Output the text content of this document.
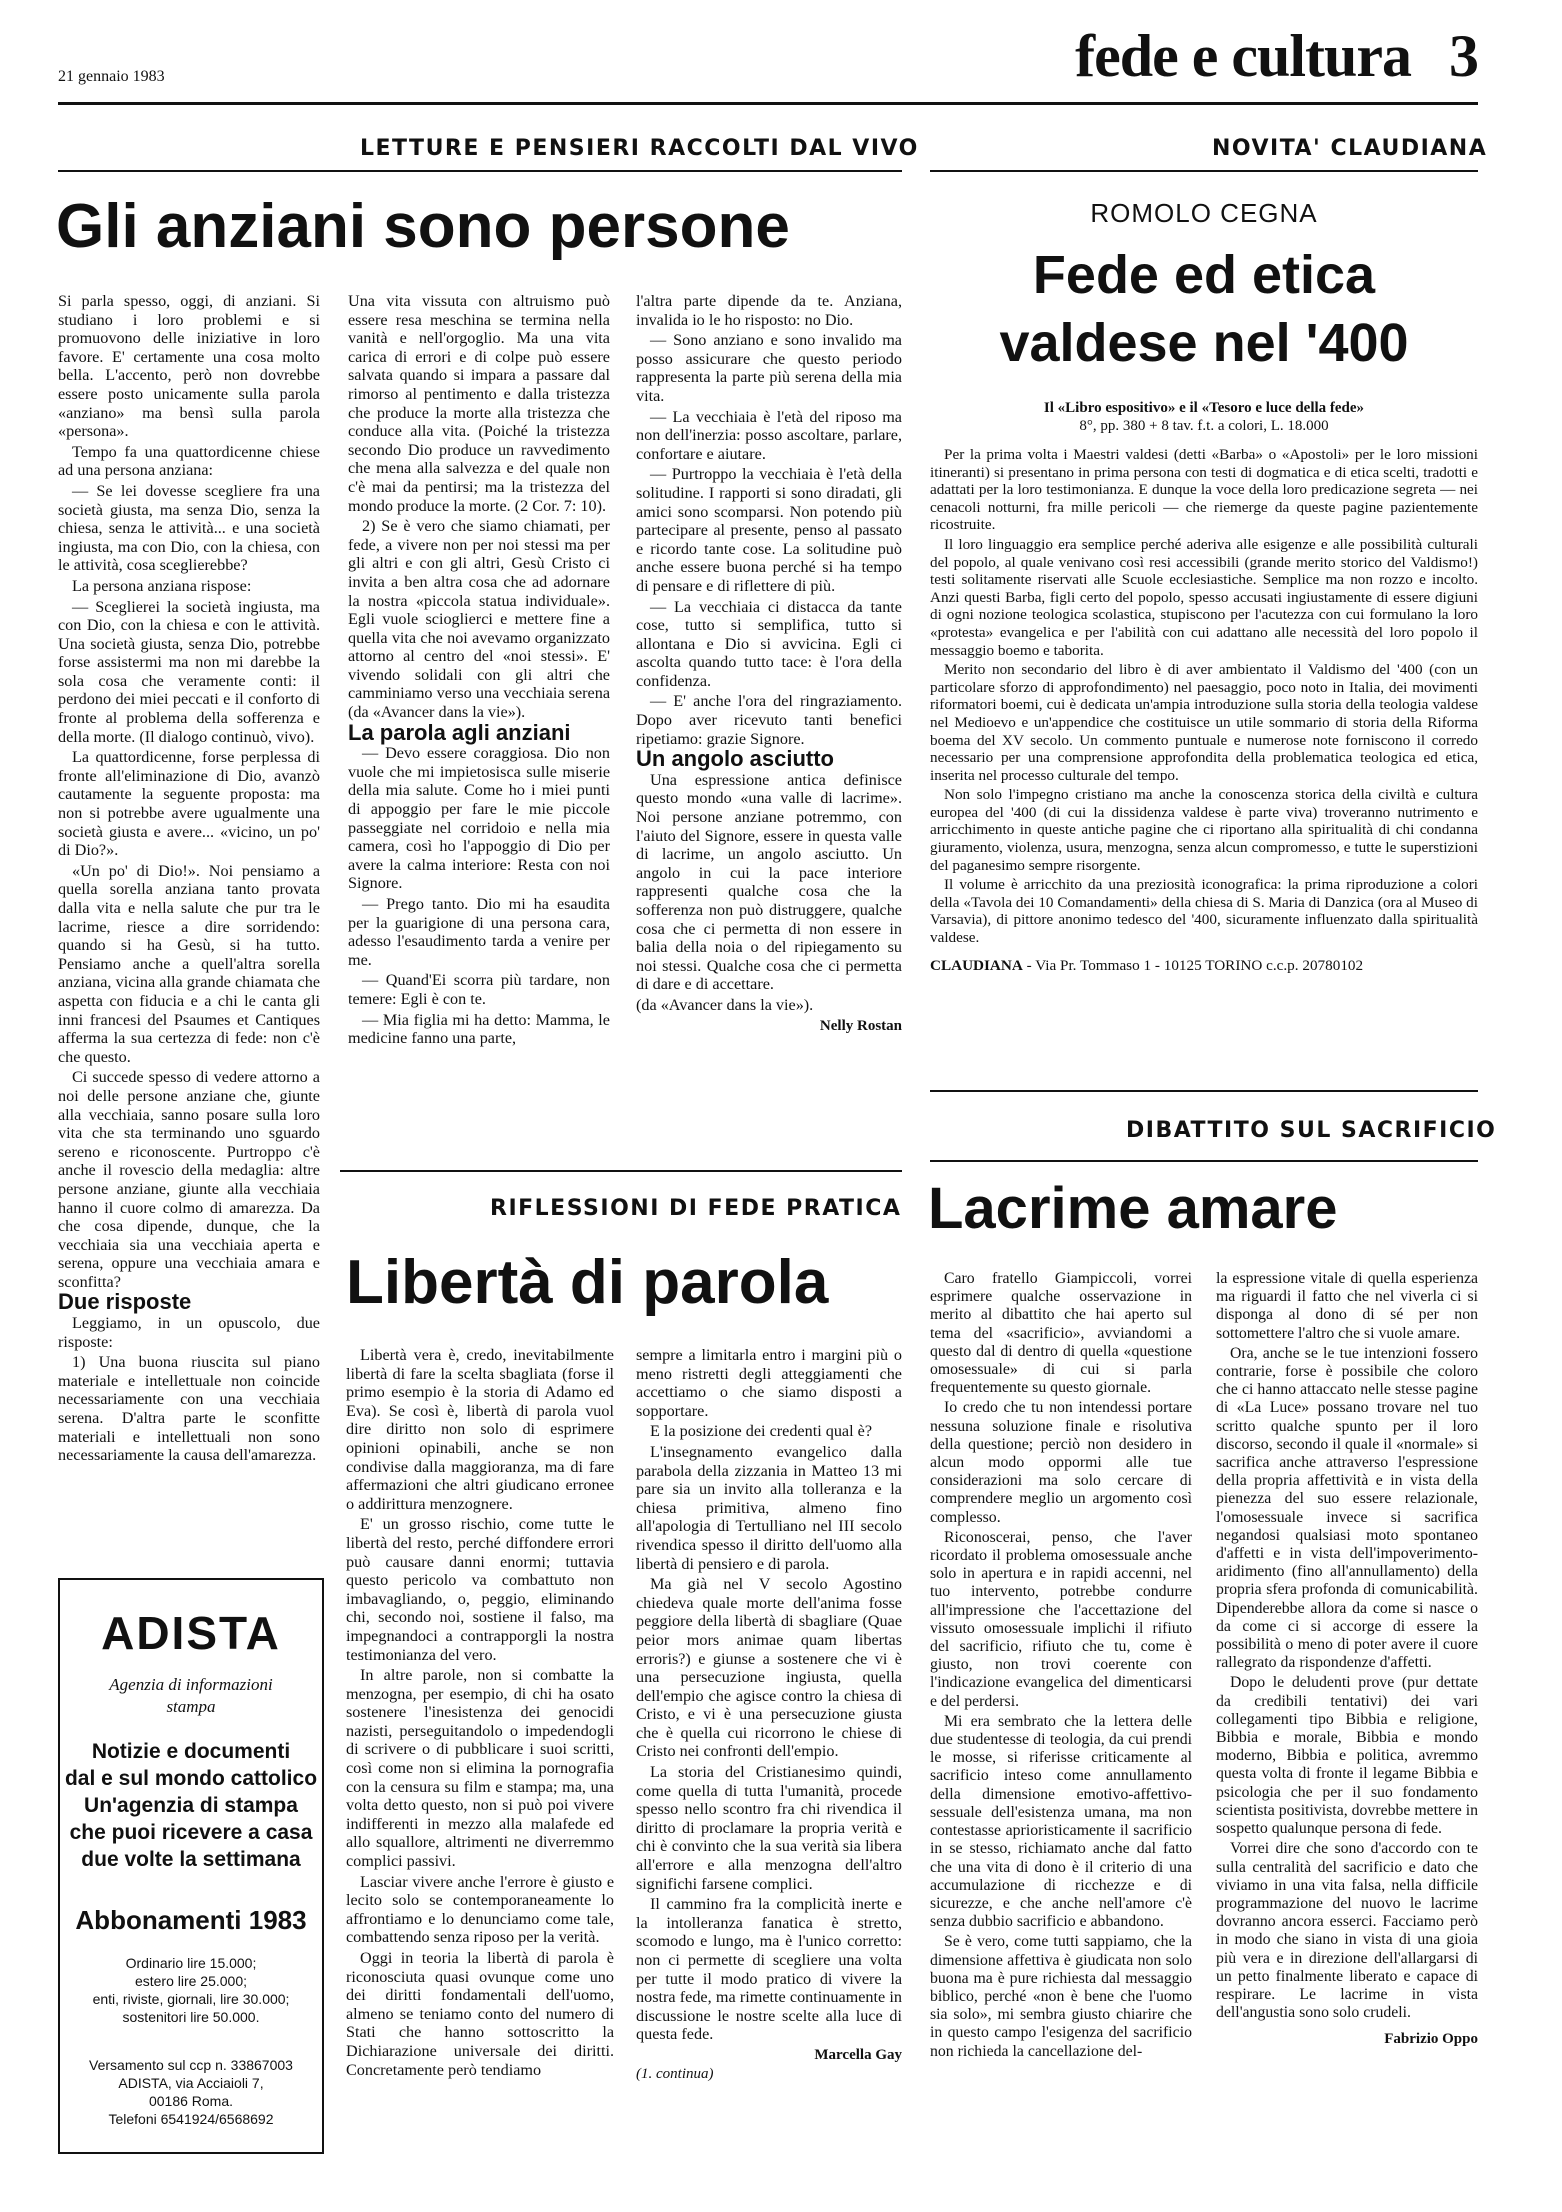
21 gennaio 1983	fede e cultura 3
LETTURE E PENSIERI RACCOLTI DAL VIVO
Gli anziani sono persone

Si parla spesso, oggi, di anziani. Si studiano i loro problemi e si promuovono delle iniziative in loro favore. E' certamente una cosa molto bella. L'accento, però non dovrebbe essere posto unicamente sulla parola «anziano» ma bensì sulla parola «persona».

Tempo fa una quattordicenne chiese ad una persona anziana:

— Se lei dovesse scegliere fra una società giusta, ma senza Dio, senza la chiesa, senza le attività... e una società ingiusta, ma con Dio, con la chiesa, con le attività, cosa sceglierebbe?

La persona anziana rispose:

— Sceglierei la società ingiusta, ma con Dio, con la chiesa e con le attività. Una società giusta, senza Dio, potrebbe forse assistermi ma non mi darebbe la sola cosa che veramente conti: il perdono dei miei peccati e il conforto di fronte al problema della sofferenza e della morte. (Il dialogo continuò, vivo).

La quattordicenne, forse perplessa di fronte all'eliminazione di Dio, avanzò cautamente la seguente proposta: ma non si potrebbe avere ugualmente una società giusta e avere... «vicino, un po' di Dio?».

«Un po' di Dio!». Noi pensiamo a quella sorella anziana tanto provata dalla vita e nella salute che pur tra le lacrime, riesce a dire sorridendo: quando si ha Gesù, si ha tutto. Pensiamo anche a quell'altra sorella anziana, vicina alla grande chiamata che aspetta con fiducia e a chi le canta gli inni francesi del Psaumes et Cantiques afferma la sua certezza di fede: non c'è che questo.

Ci succede spesso di vedere attorno a noi delle persone anziane che, giunte alla vecchiaia, sanno posare sulla loro vita che sta terminando uno sguardo sereno e riconoscente. Purtroppo c'è anche il rovescio della medaglia: altre persone anziane, giunte alla vecchiaia hanno il cuore colmo di amarezza. Da che cosa dipende, dunque, che la vecchiaia sia una vecchiaia aperta e serena, oppure una vecchiaia amara e sconfitta?

Due risposte

Leggiamo, in un opuscolo, due risposte:

1) Una buona riuscita sul piano materiale e intellettuale non coincide necessariamente con una vecchiaia serena. D'altra parte le sconfitte materiali e intellettuali non sono necessariamente la causa dell'amarezza.

Una vita vissuta con altruismo può essere resa meschina se termina nella vanità e nell'orgoglio. Ma una vita carica di errori e di colpe può essere salvata quando si impara a passare dal rimorso al pentimento e dalla tristezza che produce la morte alla tristezza che conduce alla vita. (Poiché la tristezza secondo Dio produce un ravvedimento che mena alla salvezza e del quale non c'è mai da pentirsi; ma la tristezza del mondo produce la morte. (2 Cor. 7: 10).

2) Se è vero che siamo chiamati, per fede, a vivere non per noi stessi ma per gli altri e con gli altri, Gesù Cristo ci invita a ben altra cosa che ad adornare la nostra «piccola statua individuale». Egli vuole scioglierci e mettere fine a quella vita che noi avevamo organizzato attorno al centro del «noi stessi». E' vivendo solidali con gli altri che camminiamo verso una vecchiaia serena (da «Avancer dans la vie»).

La parola agli anziani

— Devo essere coraggiosa. Dio non vuole che mi impietosisca sulle miserie della mia salute. Come ho i miei punti di appoggio per fare le mie piccole passeggiate nel corridoio e nella mia camera, così ho l'appoggio di Dio per avere la calma interiore: Resta con noi Signore.

— Prego tanto. Dio mi ha esaudita per la guarigione di una persona cara, adesso l'esaudimento tarda a venire per me.

— Quand'Ei scorra più tardare, non temere: Egli è con te.

— Mia figlia mi ha detto: Mamma, le medicine fanno una parte,

l'altra parte dipende da te. Anziana, invalida io le ho risposto: no Dio.

— Sono anziano e sono invalido ma posso assicurare che questo periodo rappresenta la parte più serena della mia vita.

— La vecchiaia è l'età del riposo ma non dell'inerzia: posso ascoltare, parlare, confortare e aiutare.

— Purtroppo la vecchiaia è l'età della solitudine. I rapporti si sono diradati, gli amici sono scomparsi. Non potendo più partecipare al presente, penso al passato e ricordo tante cose. La solitudine può anche essere buona perché si ha tempo di pensare e di riflettere di più.

— La vecchiaia ci distacca da tante cose, tutto si semplifica, tutto si allontana e Dio si avvicina. Egli ci ascolta quando tutto tace: è l'ora della confidenza.

— E' anche l'ora del ringraziamento. Dopo aver ricevuto tanti benefici ripetiamo: grazie Signore.

Un angolo asciutto

Una espressione antica definisce questo mondo «una valle di lacrime». Noi persone anziane potremmo, con l'aiuto del Signore, essere in questa valle di lacrime, un angolo asciutto. Un angolo in cui la pace interiore rappresenti qualche cosa che la sofferenza non può distruggere, qualche cosa che ci permetta di non essere in balia della noia o del ripiegamento su noi stessi. Qualche cosa che ci permetta di dare e di accettare.

(da «Avancer dans la vie»).

Nelly Rostan
ADISTA
Agenzia di informazioni stampa
Notizie e documenti
dal e sul mondo cattolico
Un'agenzia di stampa
che puoi ricevere a casa
due volte la settimana
Abbonamenti 1983
Ordinario lire 15.000;
estero lire 25.000;
enti, riviste, giornali, lire 30.000;
sostenitori lire 50.000.
Versamento sul ccp n. 33867003
ADISTA, via Acciaioli 7,
00186 Roma.
Telefoni 6541924/6568692
NOVITA' CLAUDIANA
ROMOLO CEGNA
Fede ed etica
valdese nel '400
Il «Libro espositivo» e il «Tesoro e luce della fede»
8°, pp. 380 + 8 tav. f.t. a colori, L. 18.000

Per la prima volta i Maestri valdesi (detti «Barba» o «Apostoli» per le loro missioni itineranti) si presentano in prima persona con testi di dogmatica e di etica scelti, tradotti e adattati per la loro testimonianza. E dunque la voce della loro predicazione segreta — nei cenacoli notturni, fra mille pericoli — che riemerge da queste pagine pazientemente ricostruite.

Il loro linguaggio era semplice perché aderiva alle esigenze e alle possibilità culturali del popolo, al quale venivano così resi accessibili (grande merito storico del Valdismo!) testi solitamente riservati alle Scuole ecclesiastiche. Semplice ma non rozzo e incolto. Anzi questi Barba, figli certo del popolo, spesso accusati ingiustamente di essere digiuni di ogni nozione teologica scolastica, stupiscono per l'acutezza con cui formulano la loro «protesta» evangelica e per l'abilità con cui adattano alle necessità del loro popolo il messaggio boemo e taborita.

Merito non secondario del libro è di aver ambientato il Valdismo del '400 (con un particolare sforzo di approfondimento) nel paesaggio, poco noto in Italia, dei movimenti riformatori boemi, cui è dedicata un'ampia introduzione sulla storia della teologia valdese nel Medioevo e un'appendice che costituisce un utile sommario di storia della Riforma boema del XV secolo. Un commento puntuale e numerose note forniscono il corredo necessario per una comprensione approfondita della problematica teologica ed etica, inserita nel processo culturale del tempo.

Non solo l'impegno cristiano ma anche la conoscenza storica della civiltà e cultura europea del '400 (di cui la dissidenza valdese è parte viva) troveranno nutrimento e arricchimento in queste antiche pagine che ci riportano alla spiritualità di chi condanna giuramento, violenza, usura, menzogna, senza alcun compromesso, e tutte le superstizioni del paganesimo sempre risorgente.

Il volume è arricchito da una preziosità iconografica: la prima riproduzione a colori della «Tavola dei 10 Comandamenti» della chiesa di S. Maria di Danzica (ora al Museo di Varsavia), di pittore anonimo tedesco del '400, sicuramente influenzato dalla spiritualità valdese.

CLAUDIANA - Via Pr. Tommaso 1 - 10125 TORINO c.c.p. 20780102

RIFLESSIONI DI FEDE PRATICA
Libertà di parola

Libertà vera è, credo, inevitabilmente libertà di fare la scelta sbagliata (forse il primo esempio è la storia di Adamo ed Eva). Se così è, libertà di parola vuol dire diritto non solo di esprimere opinioni opinabili, anche se non condivise dalla maggioranza, ma di fare affermazioni che altri giudicano erronee o addirittura menzognere.

E' un grosso rischio, come tutte le libertà del resto, perché diffondere errori può causare danni enormi; tuttavia questo pericolo va combattuto non imbavagliando, o, peggio, eliminando chi, secondo noi, sostiene il falso, ma impegnandoci a contrapporgli la nostra testimonianza del vero.

In altre parole, non si combatte la menzogna, per esempio, di chi ha osato sostenere l'inesistenza dei genocidi nazisti, perseguitandolo o impedendogli di scrivere o di pubblicare i suoi scritti, così come non si elimina la pornografia con la censura su film e stampa; ma, una volta detto questo, non si può poi vivere indifferenti in mezzo alla malafede ed allo squallore, altrimenti ne diverremmo complici passivi.

Lasciar vivere anche l'errore è giusto e lecito solo se contemporaneamente lo affrontiamo e lo denunciamo come tale, combattendo senza riposo per la verità.

Oggi in teoria la libertà di parola è riconosciuta quasi ovunque come uno dei diritti fondamentali dell'uomo, almeno se teniamo conto del numero di Stati che hanno sottoscritto la Dichiarazione universale dei diritti. Concretamente però tendiamo

sempre a limitarla entro i margini più o meno ristretti degli atteggiamenti che accettiamo o che siamo disposti a sopportare.

E la posizione dei credenti qual è?

L'insegnamento evangelico dalla parabola della zizzania in Matteo 13 mi pare sia un invito alla tolleranza e la chiesa primitiva, almeno fino all'apologia di Tertulliano nel III secolo rivendica spesso il diritto dell'uomo alla libertà di pensiero e di parola.

Ma già nel V secolo Agostino chiedeva quale morte dell'anima fosse peggiore della libertà di sbagliare (Quae peior mors animae quam libertas erroris?) e giunse a sostenere che vi è una persecuzione ingiusta, quella dell'empio che agisce contro la chiesa di Cristo, e vi è una persecuzione giusta che è quella cui ricorrono le chiese di Cristo nei confronti dell'empio.

La storia del Cristianesimo quindi, come quella di tutta l'umanità, procede spesso nello scontro fra chi rivendica il diritto di proclamare la propria verità e chi è convinto che la sua verità sia libera all'errore e alla menzogna dell'altro significhi farsene complici.

Il cammino fra la complicità inerte e la intolleranza fanatica è stretto, scomodo e lungo, ma è l'unico corretto: non ci permette di scegliere una volta per tutte il modo pratico di vivere la nostra fede, ma rimette continuamente in discussione le nostre scelte alla luce di questa fede.

Marcella Gay
(1. continua)
DIBATTITO SUL SACRIFICIO
Lacrime amare

Caro fratello Giampiccoli, vorrei esprimere qualche osservazione in merito al dibattito che hai aperto sul tema del «sacrificio», avviandomi a questo dal di dentro di quella «questione omosessuale» di cui si parla frequentemente su questo giornale.

Io credo che tu non intendessi portare nessuna soluzione finale e risolutiva della questione; perciò non desidero in alcun modo oppormi alle tue considerazioni ma solo cercare di comprendere meglio un argomento così complesso.

Riconoscerai, penso, che l'aver ricordato il problema omosessuale anche solo in apertura e in rapidi accenni, nel tuo intervento, potrebbe condurre all'impressione che l'accettazione del vissuto omosessuale implichi il rifiuto del sacrificio, rifiuto che tu, come è giusto, non trovi coerente con l'indicazione evangelica del dimenticarsi e del perdersi.

Mi era sembrato che la lettera delle due studentesse di teologia, da cui prendi le mosse, si riferisse criticamente al sacrificio inteso come annullamento della dimensione emotivo-affettivo-sessuale dell'esistenza umana, ma non contestasse aprioristicamente il sacrificio in se stesso, richiamato anche dal fatto che una vita di dono è il criterio di una accumulazione di ricchezze e di sicurezze, e che anche nell'amore c'è senza dubbio sacrificio e abbandono.

Se è vero, come tutti sappiamo, che la dimensione affettiva è giudicata non solo buona ma è pure richiesta dal messaggio biblico, perché «non è bene che l'uomo sia solo», mi sembra giusto chiarire che in questo campo l'esigenza del sacrificio non richieda la cancellazione del-

la espressione vitale di quella esperienza ma riguardi il fatto che nel viverla ci si disponga al dono di sé per non sottomettere l'altro che si vuole amare.

Ora, anche se le tue intenzioni fossero contrarie, forse è possibile che coloro che ci hanno attaccato nelle stesse pagine di «La Luce» possano trovare nel tuo scritto qualche spunto per il loro discorso, secondo il quale il «normale» si sacrifica anche attraverso l'espressione della propria affettività e in vista della pienezza del suo essere relazionale, l'omosessuale invece si sacrifica negandosi qualsiasi moto spontaneo d'affetti e in vista dell'impoverimento-aridimento (fino all'annullamento) della propria sfera profonda di comunicabilità. Dipenderebbe allora da come si nasce o da come ci si accorge di essere la possibilità o meno di poter avere il cuore rallegrato da rispondenze d'affetti.

Dopo le deludenti prove (pur dettate da credibili tentativi) dei vari collegamenti tipo Bibbia e religione, Bibbia e morale, Bibbia e mondo moderno, Bibbia e politica, avremmo questa volta di fronte il legame Bibbia e psicologia che per il suo fondamento scientista positivista, dovrebbe mettere in sospetto qualunque persona di fede.

Vorrei dire che sono d'accordo con te sulla centralità del sacrificio e dato che viviamo in una vita falsa, nella difficile programmazione del nuovo le lacrime dovranno ancora esserci. Facciamo però in modo che siano in vista di una gioia più vera e in direzione dell'allargarsi di un petto finalmente liberato e capace di respirare. Le lacrime in vista dell'angustia sono solo crudeli.

Fabrizio Oppo
